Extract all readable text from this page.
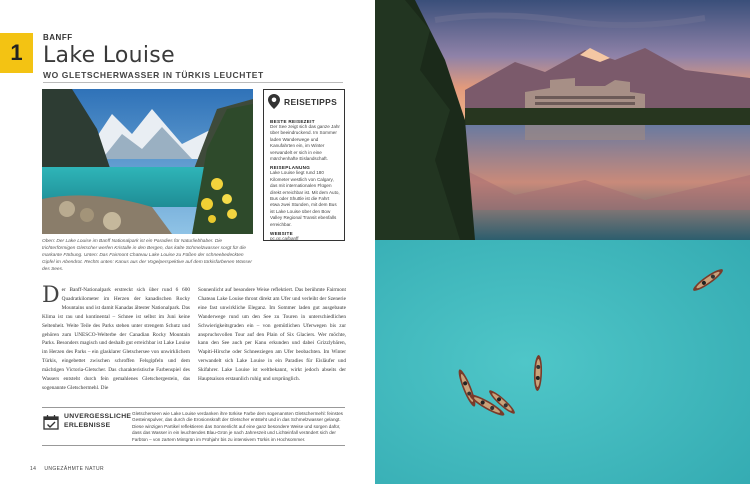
1
BANFF
Lake Louise
WO GLETSCHERWASSER IN TÜRKIS LEUCHTET
Oben: Der Lake Louise im Banff Nationalpark ist ein Paradies für Naturliebhaber. Die trichterförmigen Gletscher werfen Kristalle in den Bergen, das kalte Schmelzwasser sorgt für die markante Färbung. Unten: Das Fairmont Chateau Lake Louise zu Füßen der schneebedeckten Gipfel im Abendrot. Rechts unten: Kanus aus der Vogelperspektive auf dem türkisfarbenen Wasser des Sees.
REISETIPPS
BESTE REISEZEIT
Der See zeigt sich das ganze Jahr über beeindruckend. Im Sommer laden Wanderwege und Kanufahrten ein, im Winter verwandelt er sich in eine märchenhafte Eislandschaft.
REISEPLANUNG
Lake Louise liegt rund 180 Kilometer westlich von Calgary, das mit internationalen Flügen direkt erreichbar ist. Mit dem Auto, Bus oder Shuttle ist die Fahrt etwa zwei Stunden, mit dem Bus ist Lake Louise über den Bow Valley Regional Transit ebenfalls erreichbar.
WEBSITE
pc.gc.ca/banff
Der Banff-Nationalpark erstreckt sich über rund 6 600 Quadratkilometer im Herzen der kanadischen Rocky Mountains und ist damit Kanadas ältester Nationalpark. Das Klima ist rau und kontinental – Schnee ist selbst im Juni keine Seltenheit. Weite Teile des Parks stehen unter strengem Schutz und gehören zum UNESCO-Welterbe der Canadian Rocky Mountain Parks. Besonders magisch und deshalb gut erreichbar ist Lake Louise im Herzen des Parks – ein glasklarer Gletschersee von unwirklichem Türkis, eingebettet zwischen schroffen Felsgipfeln und dem mächtigen Victoria-Gletscher. Das charakteristische Farbenspiel des Wassers entsteht durch fein gemahlenes Gletschergestein, das sogenannte Gletschermehl. Die
Sonnenlicht auf besondere Weise reflektiert. Das berühmte Fairmont Chateau Lake Louise thront direkt am Ufer und verleiht der Szenerie eine fast unwirkliche Eleganz. Im Sommer laden gut ausgebaute Wanderwege rund um den See zu Touren in unterschiedlichen Schwierigkeitsgraden ein – von gemütlichen Uferwegen bis zur anspruchsvollen Tour auf den Plain of Six Glaciers. Wer möchte, kann den See auch per Kanu erkunden und dabei Grizzlybären, Wapiti-Hirsche oder Schneeziegen am Ufer beobachten. Im Winter verwandelt sich Lake Louise in ein Paradies für Eisläufer und Skifahrer. Lake Louise ist weltbekannt, wirkt jedoch abseits der Hauptsaison erstaunlich ruhig und ursprünglich.
UNVERGESSLICHE
ERLEBNISSE
Gletscherseen wie Lake Louise verdanken ihre türkise Farbe dem sogenannten Gletschermehl: feinstes Gesteinspulver, das durch die Erosionskraft der Gletscher entsteht und in das Schmelzwasser gelangt. Diese winzigen Partikel reflektieren das Sonnenlicht auf eine ganz besondere Weise und sorgen dafür, dass das Wasser in ein leuchtendes Blau-Grün je nach Jahreszeit und Lichteinfall verändert sich der Farbton – von zartem Mintgrün im Frühjahr bis zu intensivem Türkis im Hochsommer.
14 UNGEZÄHMTE NATUR
